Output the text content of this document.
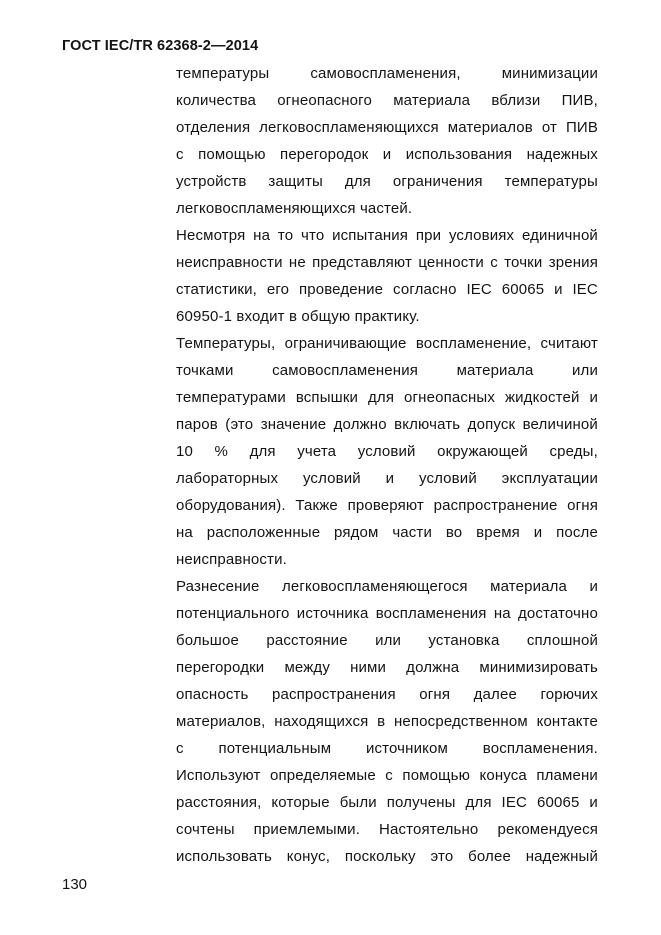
ГОСТ IEC/TR 62368-2—2014
температуры	самовоспламенения,	минимизации
количества огнеопасного материала вблизи ПИВ,
отделения легковоспламеняющихся материалов от ПИВ
с помощью перегородок и использования надежных
устройств защиты для ограничения температуры
легковоспламеняющихся частей.
Несмотря на то что испытания при условиях единичной
неисправности не представляют ценности с точки зрения
статистики, его проведение согласно IEC 60065 и IEC
60950-1 входит в общую практику.
Температуры, ограничивающие воспламенение, считают
точками	самовоспламенения	материала	или
температурами вспышки для огнеопасных жидкостей и
паров (это значение должно включать допуск величиной
10 % для учета условий окружающей среды,
лабораторных условий и условий эксплуатации
оборудования). Также проверяют распространение огня
на расположенные рядом части во время и после
неисправности.
Разнесение легковоспламеняющегося материала и
потенциального источника воспламенения на достаточно
большое расстояние или установка сплошной
перегородки между ними должна минимизировать
опасность распространения огня далее горючих
материалов, находящихся в непосредственном контакте
с потенциальным источником воспламенения.
Используют определяемые с помощью конуса пламени
расстояния, которые были получены для IEC 60065 и
сочтены приемлемыми. Настоятельно рекомендуеся
использовать конус, поскольку это более надежный
130
